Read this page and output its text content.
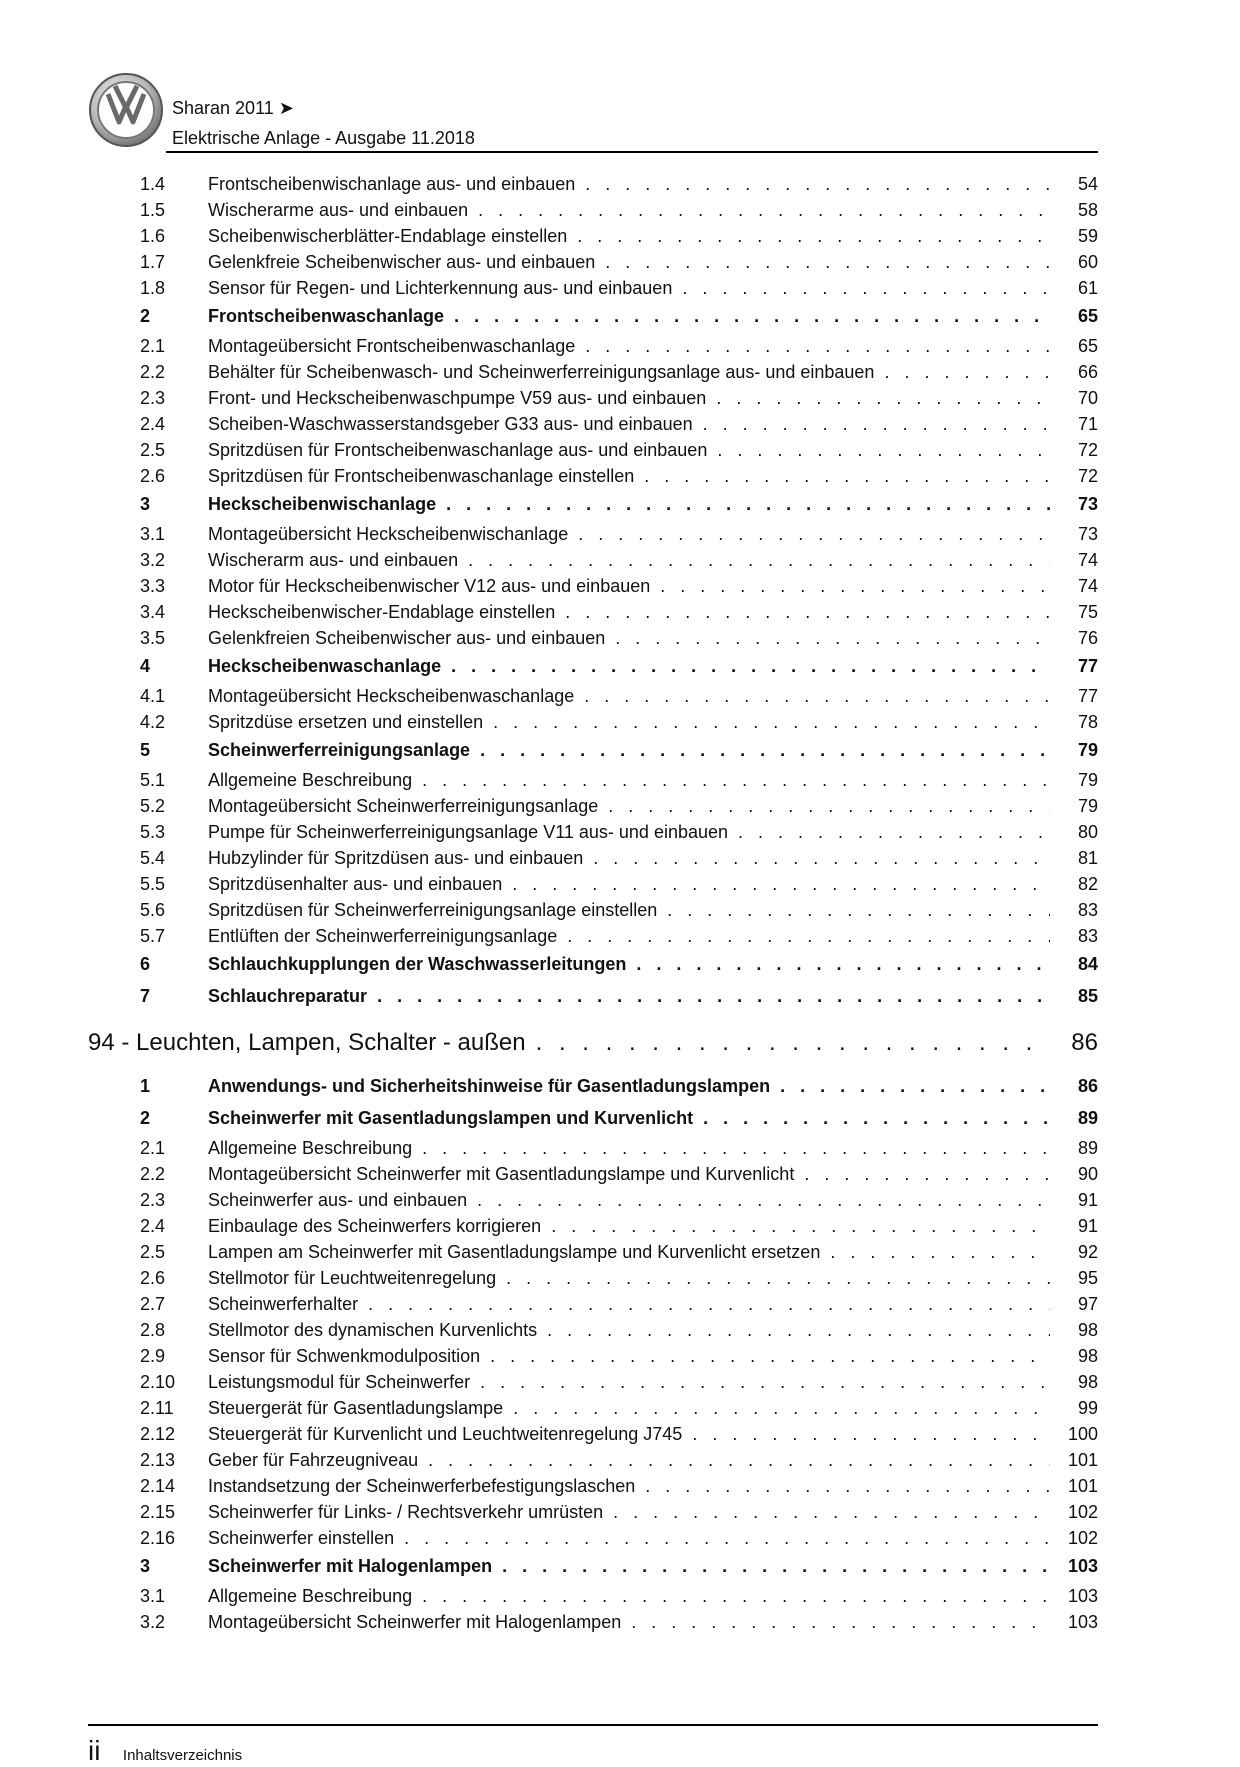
Sharan 2011 ➤
Elektrische Anlage - Ausgabe 11.2018
1.4	Frontscheibenwischanlage aus- und einbauen . . .	54
1.5	Wischerarme aus- und einbauen . . .	58
1.6	Scheibenwischerblätter-Endablage einstellen . . .	59
1.7	Gelenkfreie Scheibenwischer aus- und einbauen . . .	60
1.8	Sensor für Regen- und Lichterkennung aus- und einbauen . . .	61
2	Frontscheibenwaschanlage . . .	65
2.1	Montageübersicht Frontscheibenwaschanlage . . .	65
2.2	Behälter für Scheibenwasch- und Scheinwerferreinigungsanlage aus- und einbauen . . .	66
2.3	Front- und Heckscheibenwaschpumpe V59 aus- und einbauen . . .	70
2.4	Scheiben-Waschwasserstandsgeber G33 aus- und einbauen . . .	71
2.5	Spritzdüsen für Frontscheibenwaschanlage aus- und einbauen . . .	72
2.6	Spritzdüsen für Frontscheibenwaschanlage einstellen . . .	72
3	Heckscheibenwischanlage . . .	73
3.1	Montageübersicht Heckscheibenwischanlage . . .	73
3.2	Wischerarm aus- und einbauen . . .	74
3.3	Motor für Heckscheibenwischer V12 aus- und einbauen . . .	74
3.4	Heckscheibenwischer-Endablage einstellen . . .	75
3.5	Gelenkfreien Scheibenwischer aus- und einbauen . . .	76
4	Heckscheibenwaschanlage . . .	77
4.1	Montageübersicht Heckscheibenwaschanlage . . .	77
4.2	Spritzdüse ersetzen und einstellen . . .	78
5	Scheinwerferreinigungsanlage . . .	79
5.1	Allgemeine Beschreibung . . .	79
5.2	Montageübersicht Scheinwerferreinigungsanlage . . .	79
5.3	Pumpe für Scheinwerferreinigungsanlage V11 aus- und einbauen . . .	80
5.4	Hubzylinder für Spritzdüsen aus- und einbauen . . .	81
5.5	Spritzdüsenhalter aus- und einbauen . . .	82
5.6	Spritzdüsen für Scheinwerferreinigungsanlage einstellen . . .	83
5.7	Entlüften der Scheinwerferreinigungsanlage . . .	83
6	Schlauchkupplungen der Waschwasserleitungen . . .	84
7	Schlauchreparatur . . .	85
94 - Leuchten, Lampen, Schalter - außen . . .	86
1	Anwendungs- und Sicherheitshinweise für Gasentladungslampen . . .	86
2	Scheinwerfer mit Gasentladungslampen und Kurvenlicht . . .	89
2.1	Allgemeine Beschreibung . . .	89
2.2	Montageübersicht Scheinwerfer mit Gasentladungslampe und Kurvenlicht . . .	90
2.3	Scheinwerfer aus- und einbauen . . .	91
2.4	Einbaulage des Scheinwerfers korrigieren . . .	91
2.5	Lampen am Scheinwerfer mit Gasentladungslampe und Kurvenlicht ersetzen . . .	92
2.6	Stellmotor für Leuchtweitenregelung . . .	95
2.7	Scheinwerferhalter . . .	97
2.8	Stellmotor des dynamischen Kurvenlichts . . .	98
2.9	Sensor für Schwenkmodulposition . . .	98
2.10	Leistungsmodul für Scheinwerfer . . .	98
2.11	Steuergerät für Gasentladungslampe . . .	99
2.12	Steuergerät für Kurvenlicht und Leuchtweitenregelung J745 . . .	100
2.13	Geber für Fahrzeugniveau . . .	101
2.14	Instandsetzung der Scheinwerferbefestigungslaschen . . .	101
2.15	Scheinwerfer für Links- / Rechtsverkehr umrüsten . . .	102
2.16	Scheinwerfer einstellen . . .	102
3	Scheinwerfer mit Halogenlampen . . .	103
3.1	Allgemeine Beschreibung . . .	103
3.2	Montageübersicht Scheinwerfer mit Halogenlampen . . .	103
ii Inhaltsverzeichnis
